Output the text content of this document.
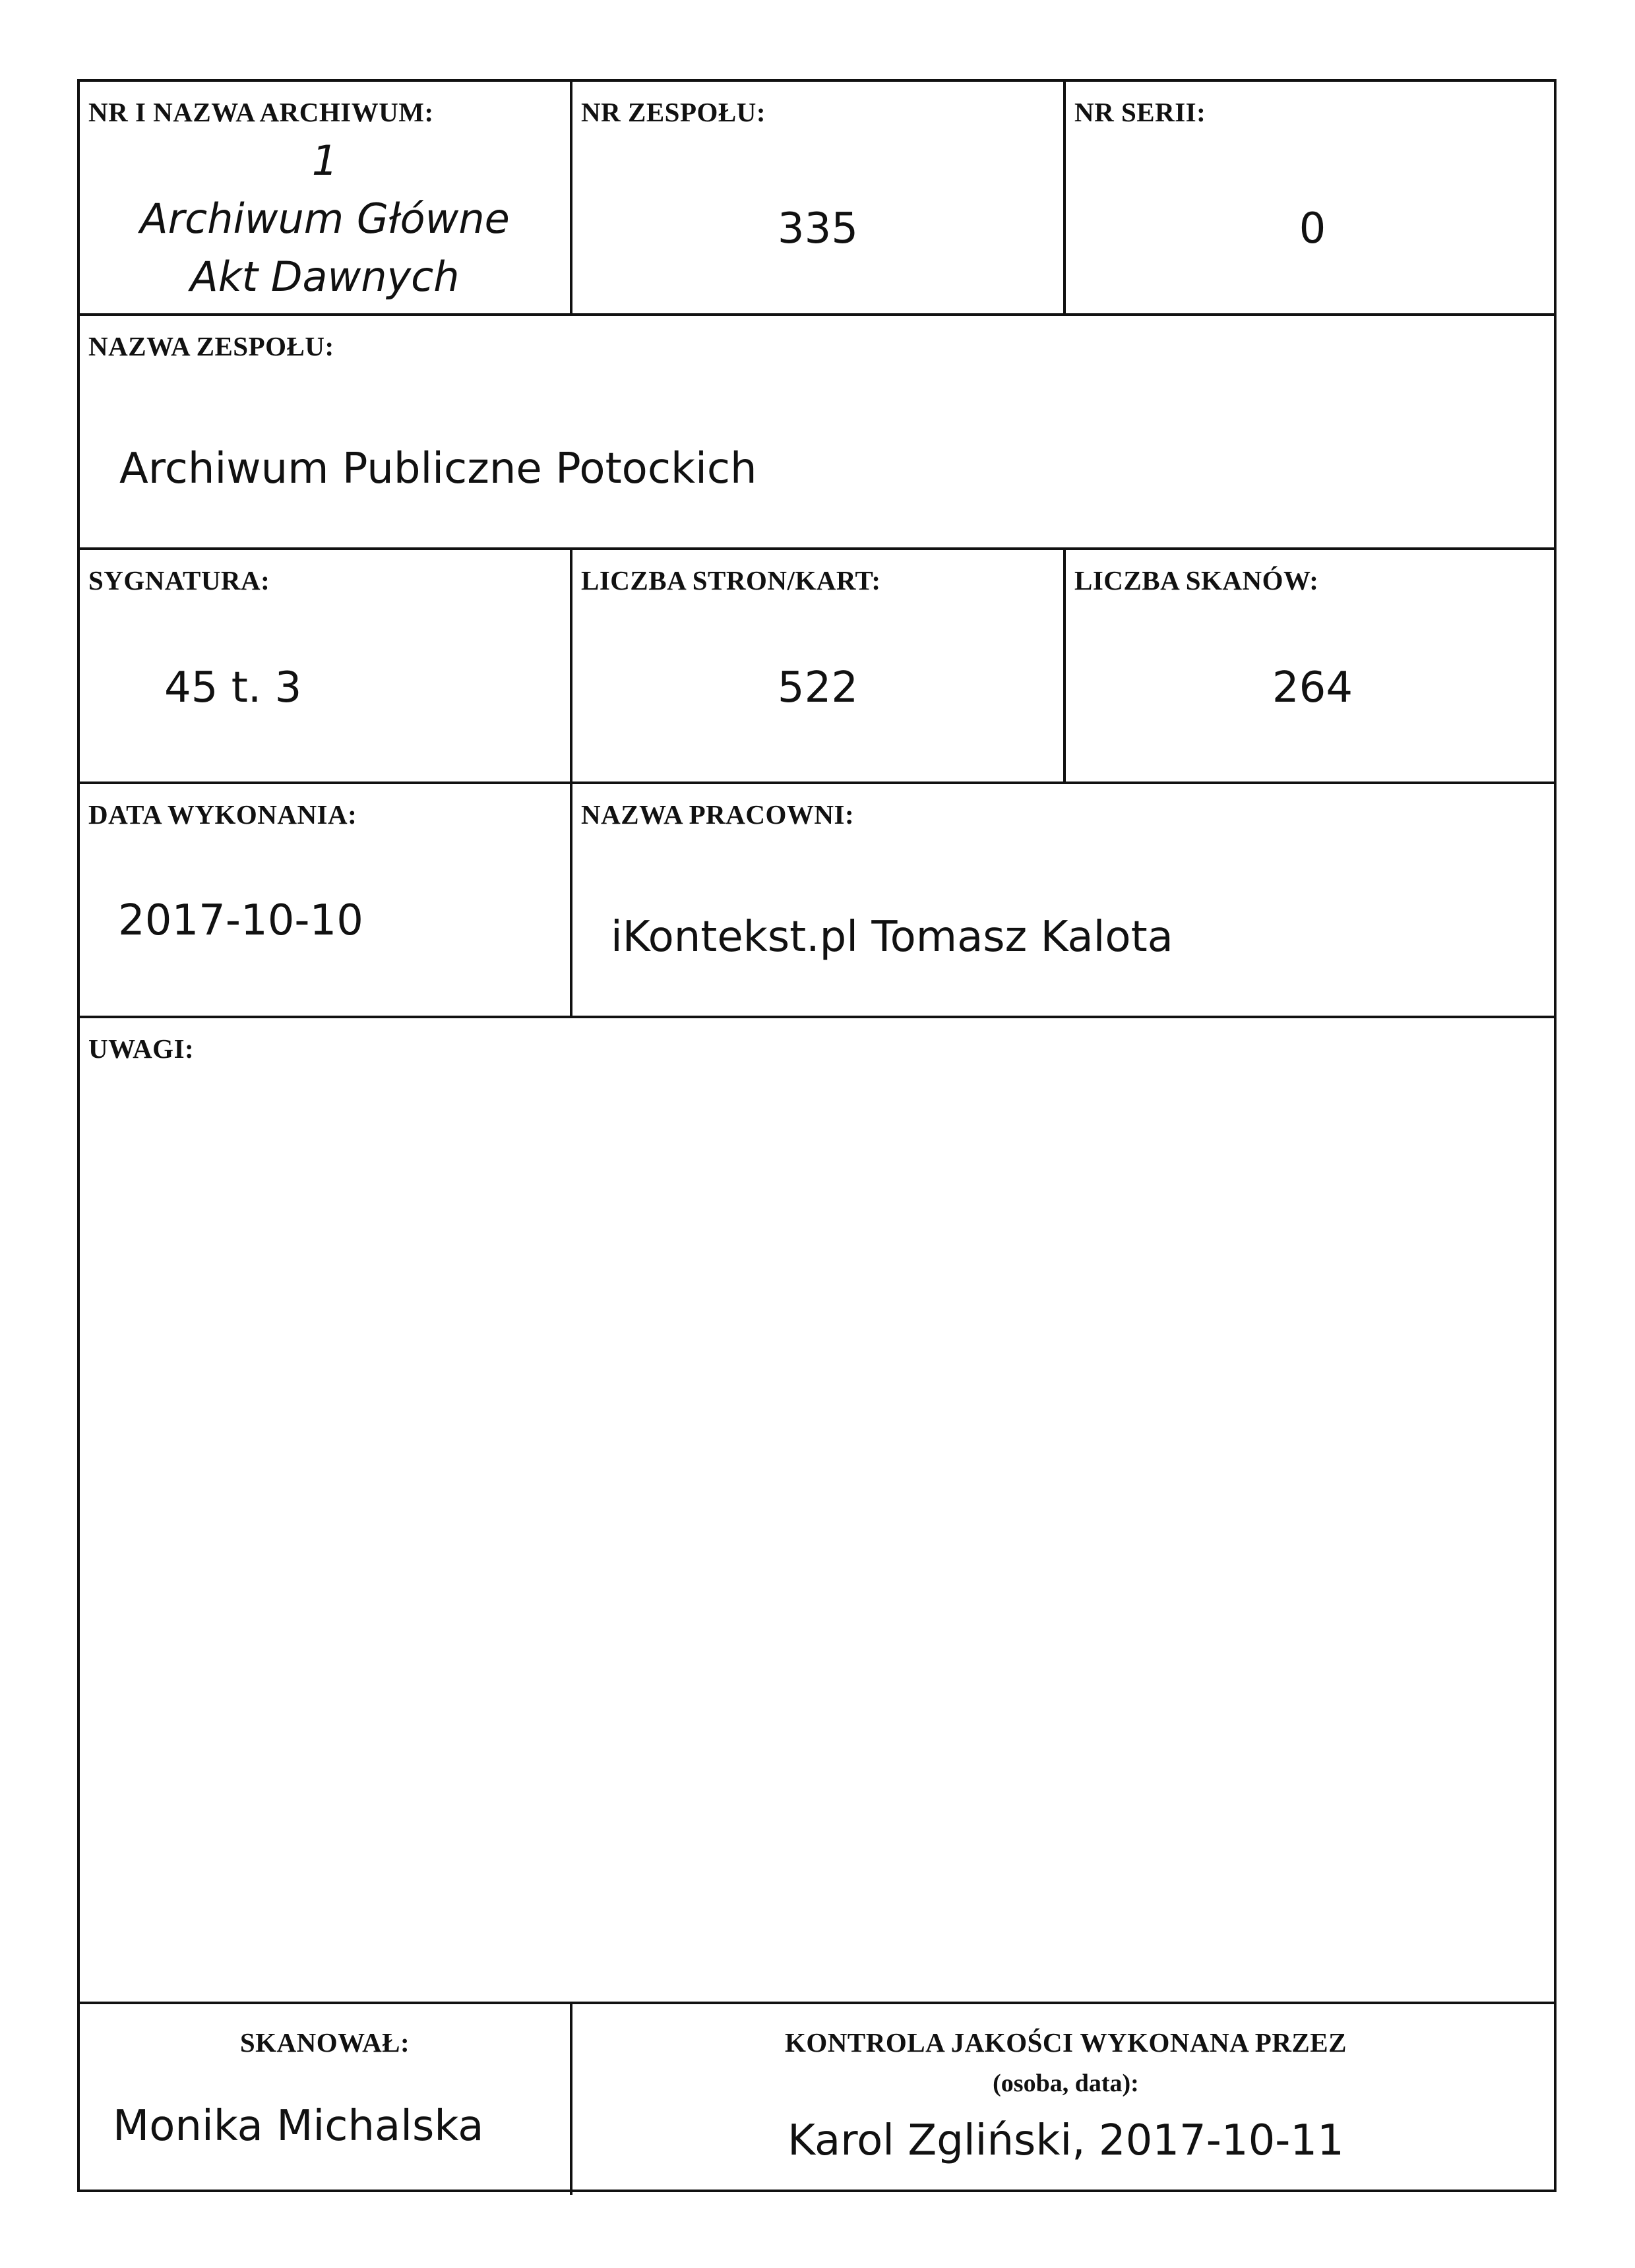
NR I NAZWA ARCHIWUM:
1
Archiwum Główne
Akt Dawnych
NR ZESPOŁU:
335
NR SERII:
0
NAZWA ZESPOŁU:
Archiwum Publiczne Potockich
SYGNATURA:
45 t. 3
LICZBA STRON/KART:
522
LICZBA SKANÓW:
264
DATA WYKONANIA:
2017-10-10
NAZWA PRACOWNI:
iKontekst.pl Tomasz Kalota
UWAGI:
SKANOWAŁ:
Monika Michalska
KONTROLA JAKOŚCI WYKONANA PRZEZ
(osoba, data):
Karol Zgliński, 2017-10-11
